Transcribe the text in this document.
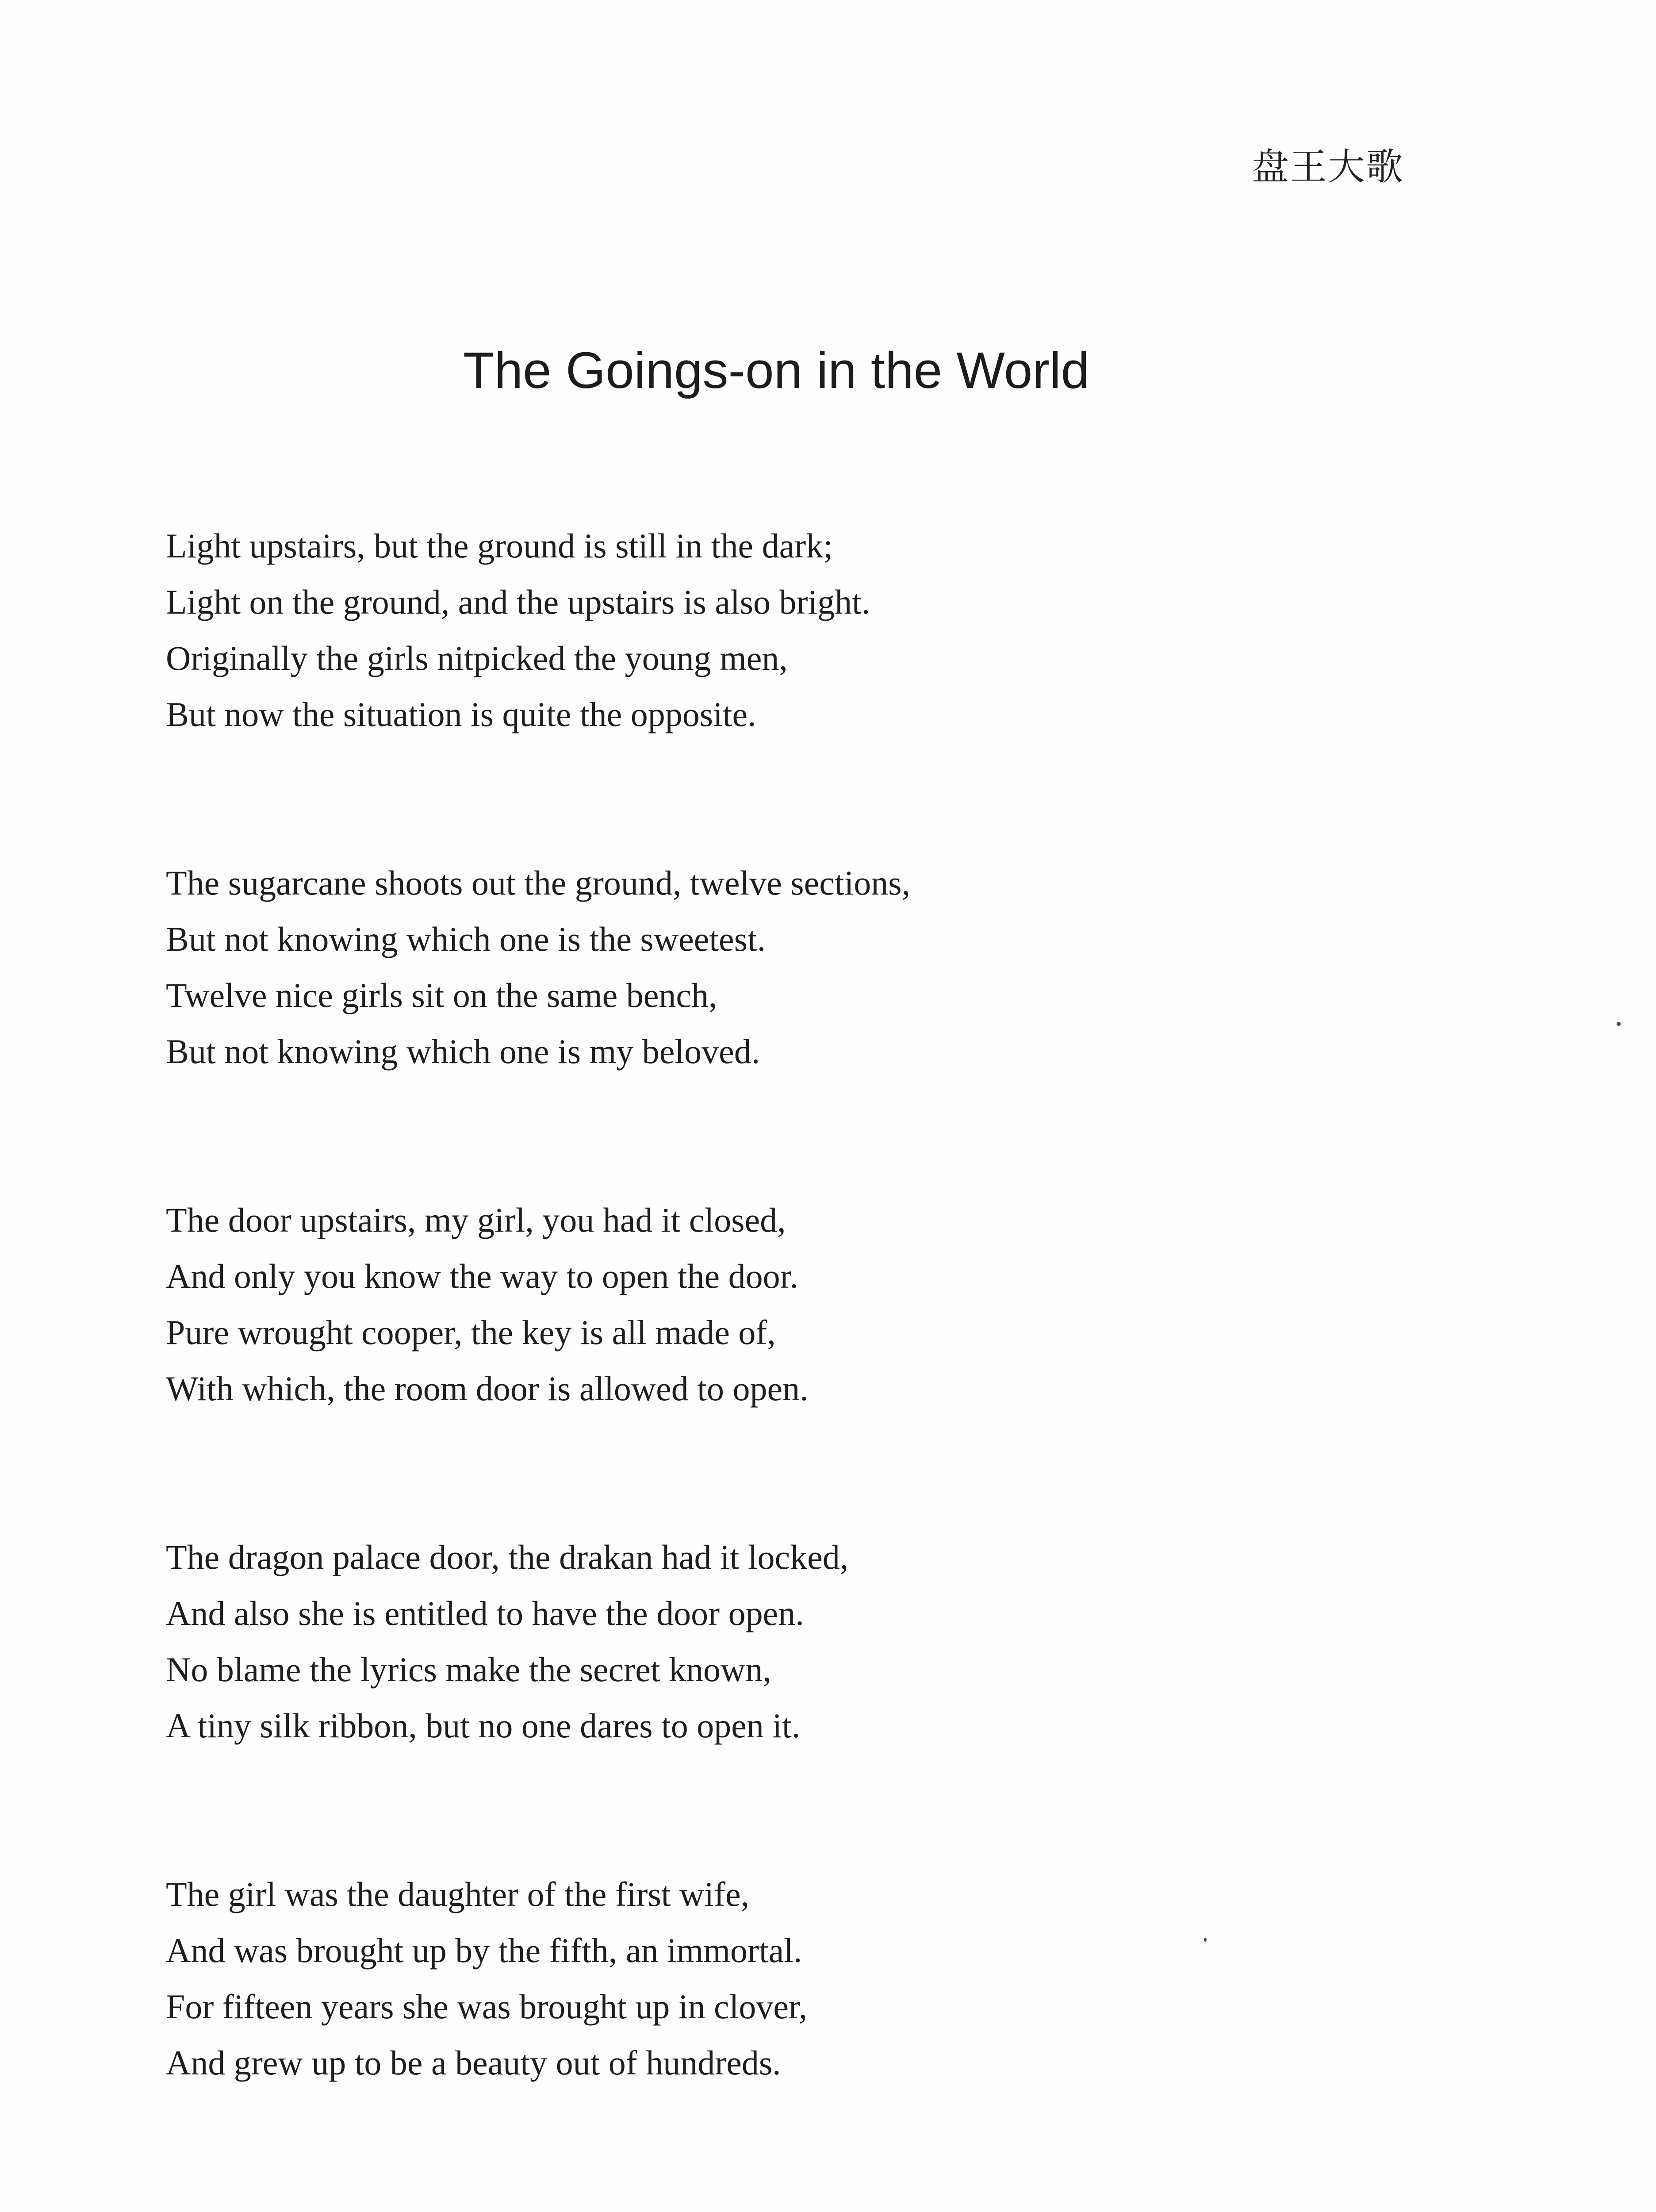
盘王大歌
The Goings-on in the World
Light upstairs, but the ground is still in the dark;
Light on the ground, and the upstairs is also bright.
Originally the girls nitpicked the young men,
But now the situation is quite the opposite.
The sugarcane shoots out the ground, twelve sections,
But not knowing which one is the sweetest.
Twelve nice girls sit on the same bench,
But not knowing which one is my beloved.
The door upstairs, my girl, you had it closed,
And only you know the way to open the door.
Pure wrought cooper, the key is all made of,
With which, the room door is allowed to open.
The dragon palace door, the drakan had it locked,
And also she is entitled to have the door open.
No blame the lyrics make the secret known,
A tiny silk ribbon, but no one dares to open it.
The girl was the daughter of the first wife,
And was brought up by the fifth, an immortal.
For fifteen years she was brought up in clover,
And grew up to be a beauty out of hundreds.
